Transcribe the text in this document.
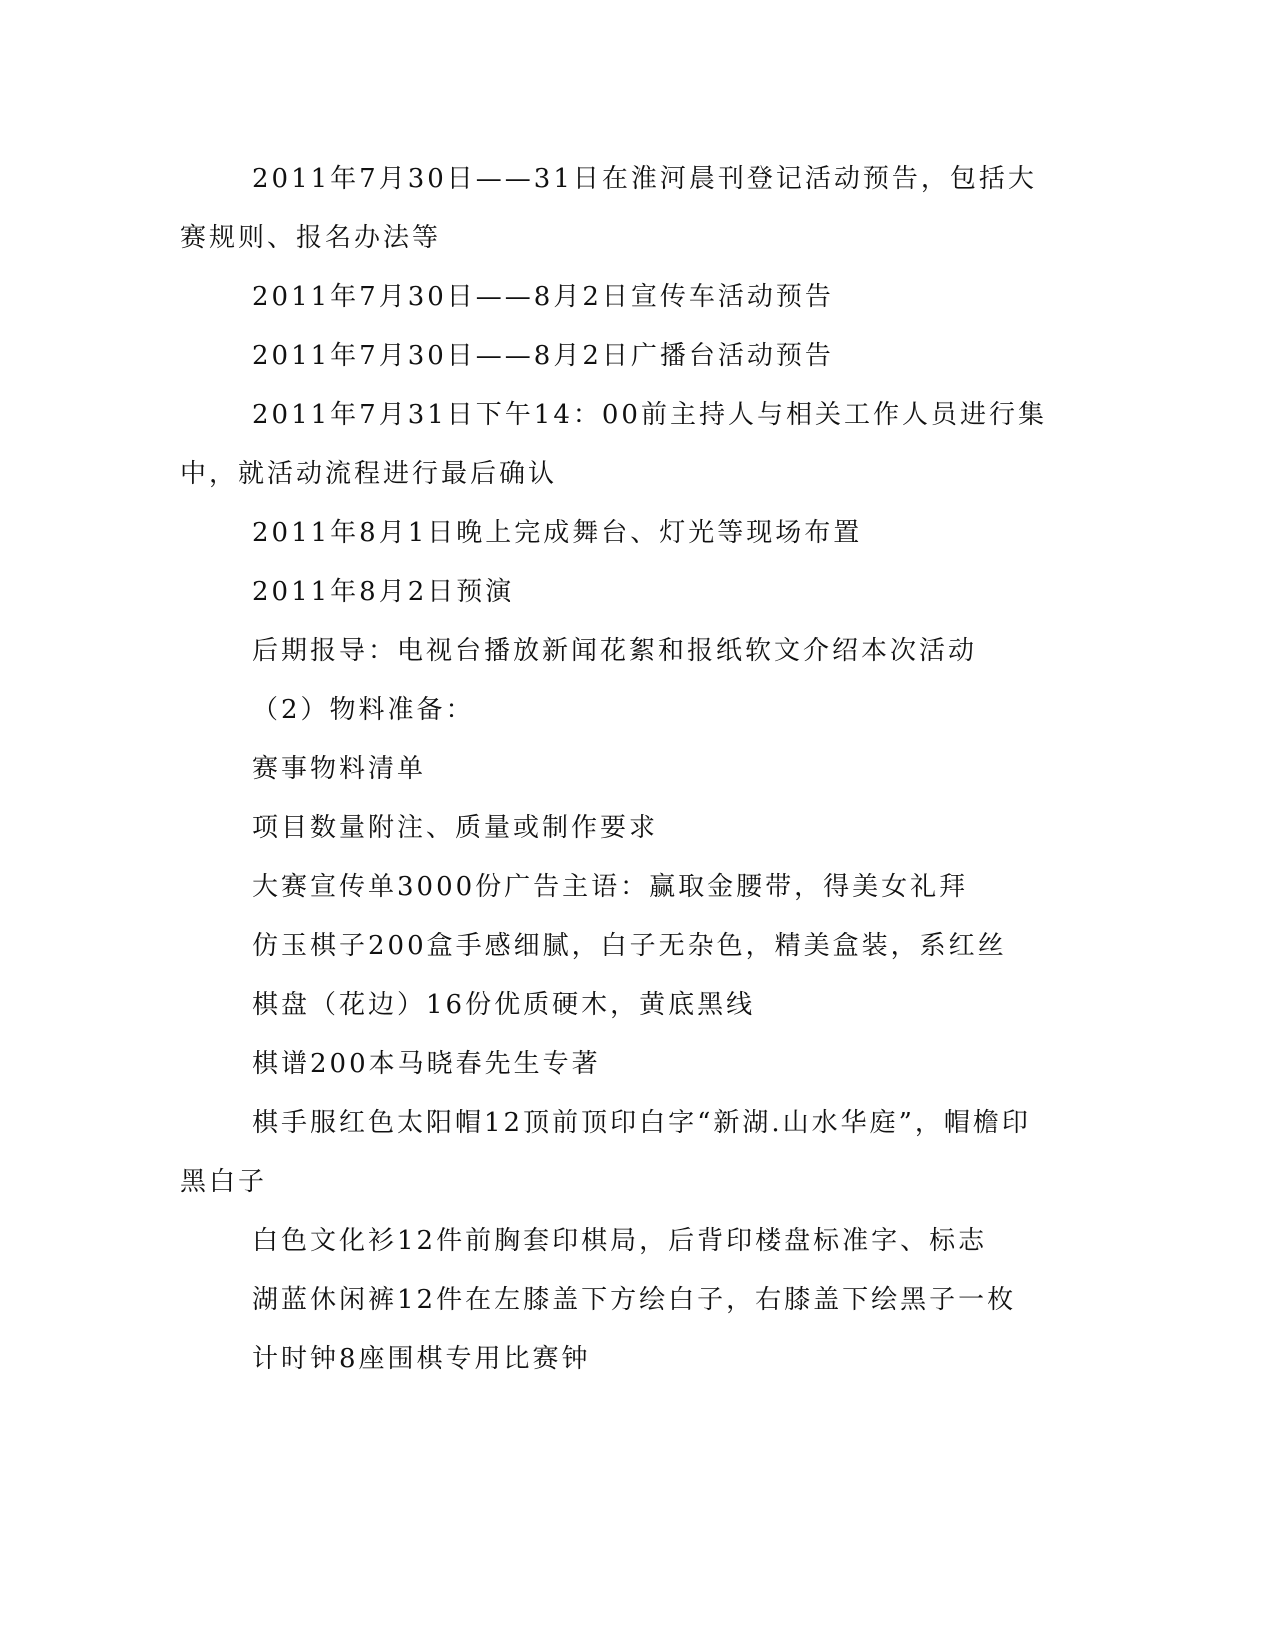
2011年7月30日——31日在淮河晨刊登记活动预告，包括大赛规则、报名办法等

2011年7月30日——8月2日宣传车活动预告

2011年7月30日——8月2日广播台活动预告

2011年7月31日下午14：00前主持人与相关工作人员进行集中，就活动流程进行最后确认

2011年8月1日晚上完成舞台、灯光等现场布置

2011年8月2日预演

后期报导：电视台播放新闻花絮和报纸软文介绍本次活动

（2）物料准备：

赛事物料清单

项目数量附注、质量或制作要求

大赛宣传单3000份广告主语：赢取金腰带，得美女礼拜

仿玉棋子200盒手感细腻，白子无杂色，精美盒装，系红丝

棋盘（花边）16份优质硬木，黄底黑线

棋谱200本马晓春先生专著

棋手服红色太阳帽12顶前顶印白字“新湖.山水华庭”，帽檐印黑白子

白色文化衫12件前胸套印棋局，后背印楼盘标准字、标志

湖蓝休闲裤12件在左膝盖下方绘白子，右膝盖下绘黑子一枚

计时钟8座围棋专用比赛钟
